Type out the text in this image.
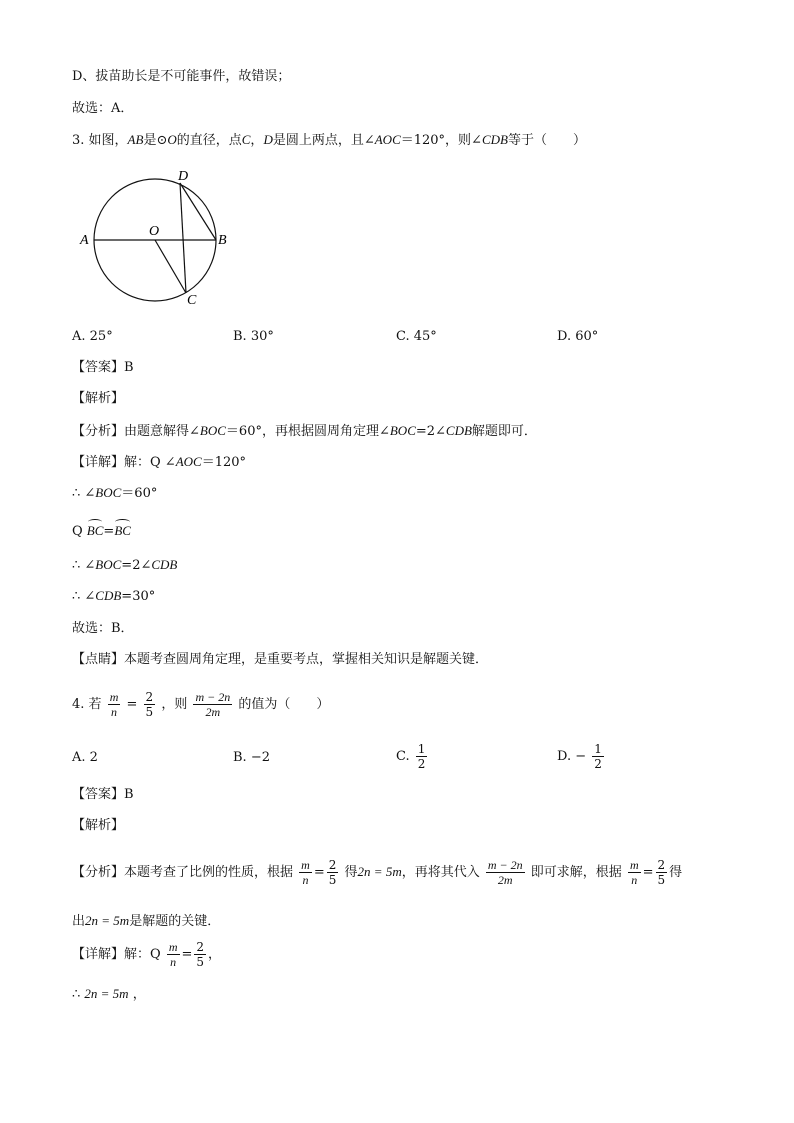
D、拔苗助长是不可能事件，故错误；
故选：A．
3. 如图，AB是⊙O的直径，点C，D是圆上两点，且∠AOC＝120°，则∠CDB等于（　　）
A	B
O
C
D
A. 25°	B. 30°	C. 45°	D. 60°
【答案】B
【解析】
【分析】由题意解得∠BOC＝60°，再根据圆周角定理∠BOC=2∠CDB解题即可．
【详解】解：Q ∠AOC＝120°
∴ ∠BOC＝60°
Q BC=BC
∴ ∠BOC=2∠CDB
∴ ∠CDB=30°
故选：B．
【点睛】本题考查圆周角定理，是重要考点，掌握相关知识是解题关键．
4. 若 $\frac{m}{n} = \frac{2}{5}$ ，则 $\frac{m - 2n}{2m}$ 的值为（　　）
A. 2	B. −2	C. $\frac{1}{2}$	D. − $\frac{1}{2}$
【答案】B
【解析】
【分析】本题考查了比例的性质，根据 $\frac{m}{n} = \frac{2}{5}$ 得2n = 5m，再将其代入 $\frac{m - 2n}{2m}$ 即可求解，根据 $\frac{m}{n} = \frac{2}{5}$ 得
出2n = 5m是解题的关键．
【详解】解：Q $\frac{m}{n} = \frac{2}{5}$ ，
∴ 2n = 5m ，
